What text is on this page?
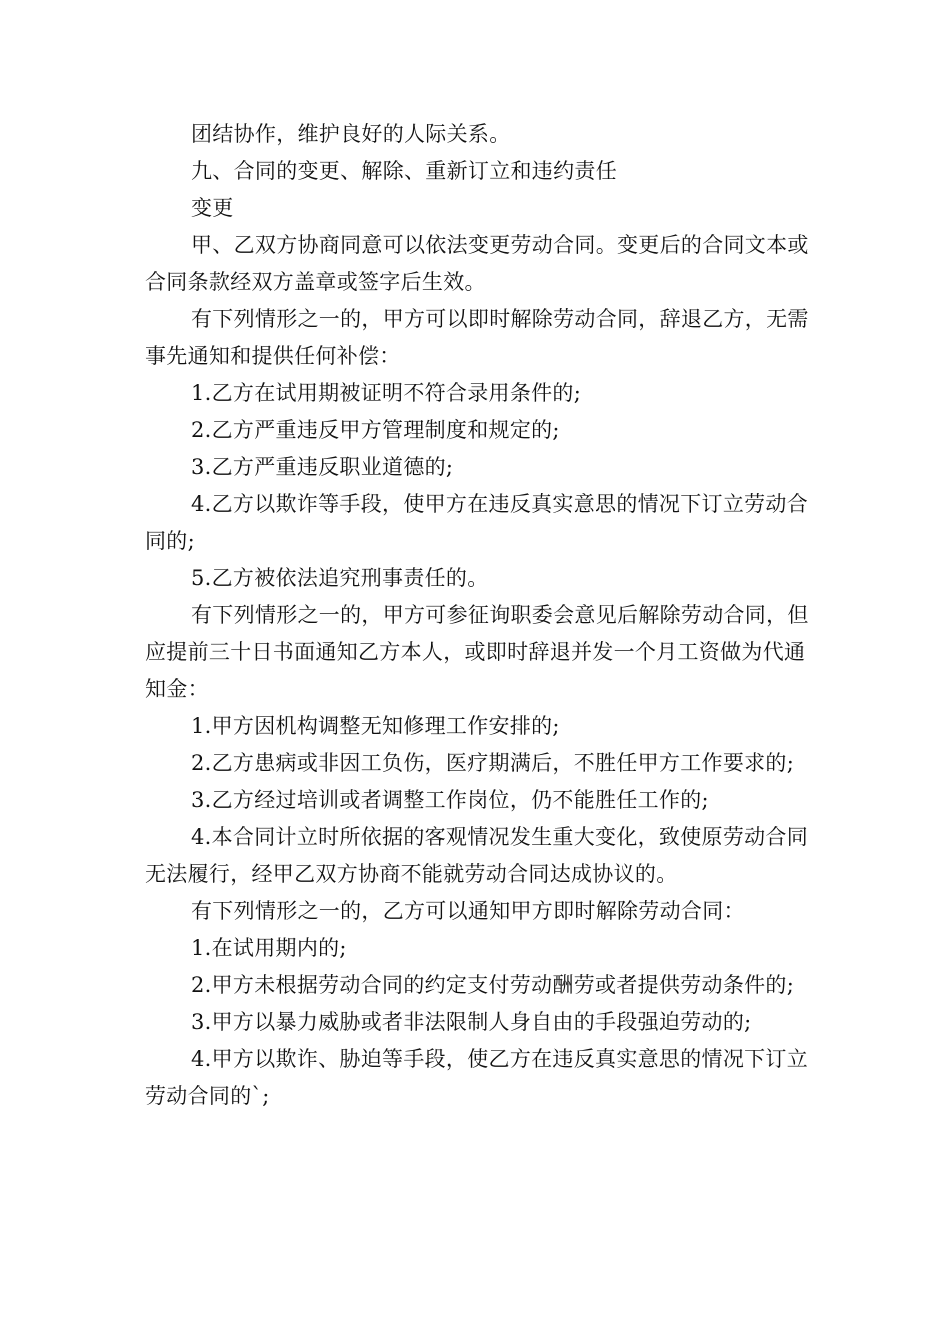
团结协作，维护良好的人际关系。

九、合同的变更、解除、重新订立和违约责任

变更

甲、乙双方协商同意可以依法变更劳动合同。变更后的合同文本或合同条款经双方盖章或签字后生效。

有下列情形之一的，甲方可以即时解除劳动合同，辞退乙方，无需事先通知和提供任何补偿：

1.乙方在试用期被证明不符合录用条件的;

2.乙方严重违反甲方管理制度和规定的;

3.乙方严重违反职业道德的;

4.乙方以欺诈等手段，使甲方在违反真实意思的情况下订立劳动合同的;

5.乙方被依法追究刑事责任的。

有下列情形之一的，甲方可参征询职委会意见后解除劳动合同，但应提前三十日书面通知乙方本人，或即时辞退并发一个月工资做为代通知金：

1.甲方因机构调整无知修理工作安排的;

2.乙方患病或非因工负伤，医疗期满后，不胜任甲方工作要求的;

3.乙方经过培训或者调整工作岗位，仍不能胜任工作的;

4.本合同计立时所依据的客观情况发生重大变化，致使原劳动合同无法履行，经甲乙双方协商不能就劳动合同达成协议的。

有下列情形之一的，乙方可以通知甲方即时解除劳动合同：

1.在试用期内的;

2.甲方未根据劳动合同的约定支付劳动酬劳或者提供劳动条件的;

3.甲方以暴力威胁或者非法限制人身自由的手段强迫劳动的;

4.甲方以欺诈、胁迫等手段，使乙方在违反真实意思的情况下订立劳动合同的`;
